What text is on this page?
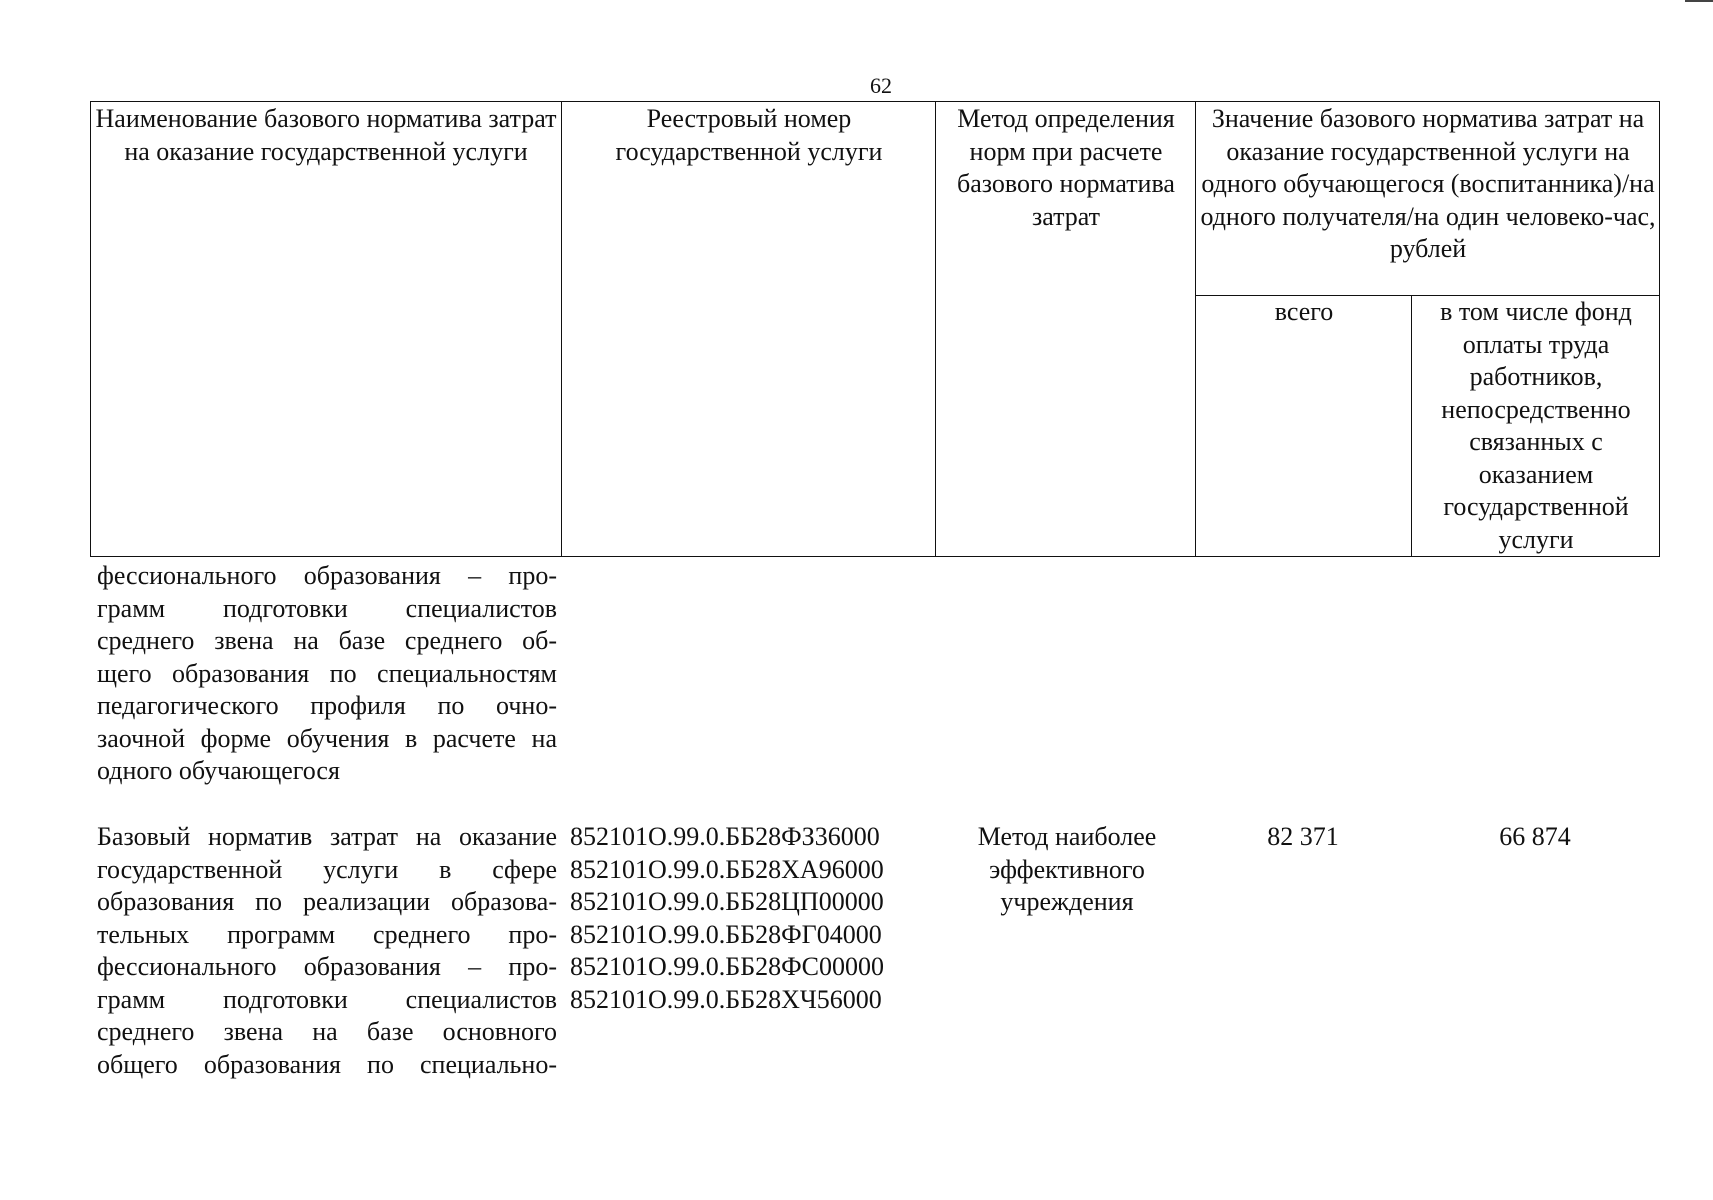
62
Наименование базового норматива затрат на оказание государственной услуги
Реестровый номер государственной услуги
Метод определения норм при расчете базового норматива затрат
Значение базового норматива затрат на оказание государственной услуги на одного обучающегося (воспитанника)/на одного получателя/на один человеко-час, рублей
всего	в том числе фонд оплаты труда работников, непосредственно связанных с оказанием государственной услуги
фессионального образования – про-
грамм подготовки специалистов
среднего звена на базе среднего об-
щего образования по специальностям
педагогического профиля по очно-
заочной форме обучения в расчете на
одного обучающегося
Базовый норматив затрат на оказание
государственной услуги в сфере
образования по реализации образова-
тельных программ среднего про-
фессионального образования – про-
грамм подготовки специалистов
среднего звена на базе основного
общего образования по специально-
852101О.99.0.ББ28ФЗ36000
852101О.99.0.ББ28ХА96000
852101О.99.0.ББ28ЦП00000
852101О.99.0.ББ28ФГ04000
852101О.99.0.ББ28ФС00000
852101О.99.0.ББ28ХЧ56000
Метод наиболее эффективного учреждения
82 371	66 874
